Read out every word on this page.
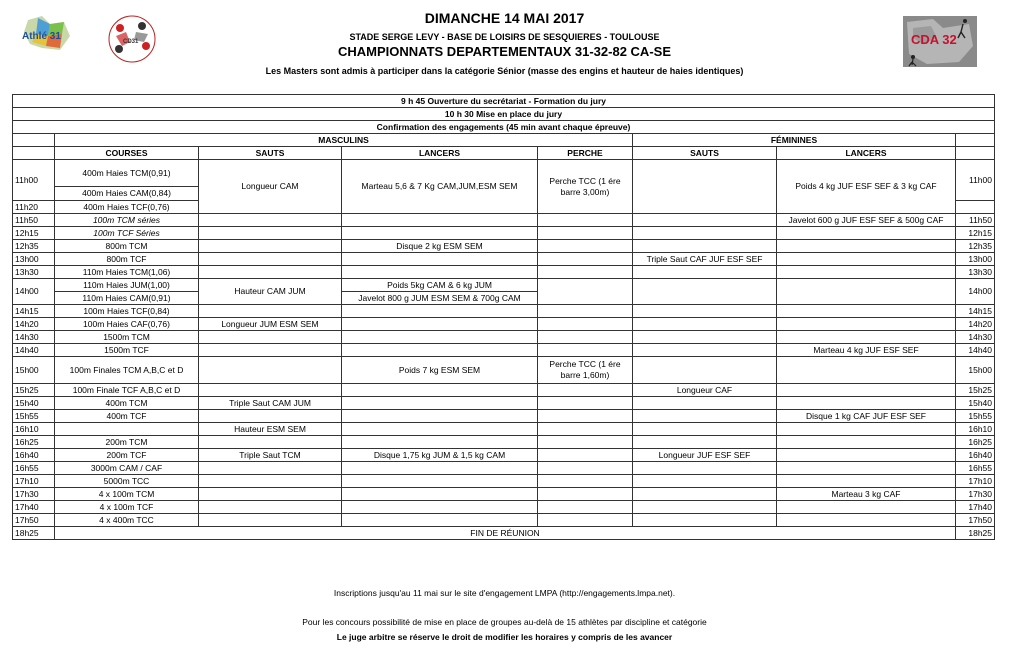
DIMANCHE 14 MAI 2017
STADE SERGE LEVY - BASE DE LOISIRS DE SESQUIERES - TOULOUSE
CHAMPIONNATS DEPARTEMENTAUX 31-32-82 CA-SE
Les Masters sont admis à participer dans la catégorie Sénior (masse des engins et hauteur de haies identiques)
Athlé 31	CD31	CDA 32
9 h 45 Ouverture du secrétariat - Formation du jury								
10 h 30 Mise en place du jury								
Confirmation des engagements (45 min avant chaque épreuve)								
	MASCULINS				FÉMININES			
	COURSES	SAUTS	LANCERS	PERCHE	SAUTS	LANCERS		
11h00	400m Haies TCM(0,91)	Longueur CAM	Marteau 5,6 & 7 Kg CAM,JUM,ESM SEM	Perche TCC (1 ére barre 3,00m)		Poids 4 kg JUF ESF SEF & 3 kg CAF	11h00	
	400m Haies CAM(0,84)							
11h20	400m Haies TCF(0,76)						
11h50	100m TCM séries					Javelot 600 g JUF ESF SEF & 500g CAF	11h50	
12h15	100m TCF Séries						12h15	
12h35	800m TCM		Disque 2 kg ESM SEM				12h35	
13h00	800m TCF				Triple Saut CAF JUF ESF SEF		13h00	
13h30	110m Haies TCM(1,06)						13h30	
14h00	110m Haies JUM(1,00)	Hauteur CAM JUM	Poids 5kg CAM & 6 kg JUM				14h00	
	110m Haies CAM(0,91)		Javelot 800 g JUM ESM SEM & 700g CAM					
14h15	100m Haies TCF(0,84)						14h15	
14h20	100m Haies CAF(0,76)	Longueur JUM ESM SEM					14h20	
14h30	1500m TCM						14h30	
14h40	1500m TCF					Marteau 4 kg JUF ESF SEF	14h40	
15h00	100m Finales TCM A,B,C et D		Poids 7 kg ESM SEM	Perche TCC (1 ére barre 1,60m)			15h00	
15h25	100m Finale TCF A,B,C et D				Longueur CAF		15h25	
15h40	400m TCM	Triple Saut CAM JUM					15h40	
15h55	400m TCF					Disque 1 kg CAF JUF ESF SEF	15h55	
16h10		Hauteur ESM SEM					16h10	
16h25	200m TCM						16h25	
16h40	200m TCF	Triple Saut TCM	Disque 1,75 kg JUM & 1,5 kg CAM		Longueur JUF ESF SEF		16h40	
16h55	3000m CAM / CAF						16h55	
17h10	5000m TCC						17h10	
17h30	4 x 100m TCM					Marteau 3 kg CAF	17h30	
17h40	4 x 100m TCF						17h40	
17h50	4 x 400m TCC						17h50	
18h25	FIN DE RÉUNION						18h25	
Inscriptions jusqu'au 11 mai sur le site d'engagement LMPA (http://engagements.lmpa.net).
Pour les concours possibilité de mise en place de groupes au-delà de 15 athlètes par discipline et catégorie
Le juge arbitre se réserve le droit de modifier les horaires y compris de les avancer
